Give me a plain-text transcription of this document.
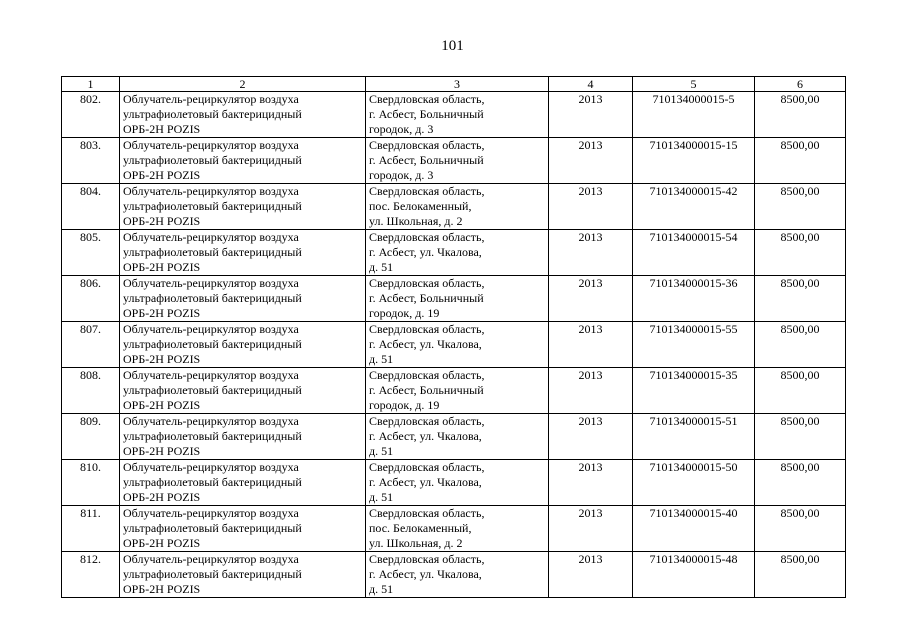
101
1	2	3	4	5	6
802.	Облучатель-рециркулятор воздуха
ультрафиолетовый бактерицидный
ОРБ-2Н POZIS	Свердловская область,
г. Асбест, Больничный
городок, д. 3	2013	710134000015-5	8500,00
803.	Облучатель-рециркулятор воздуха
ультрафиолетовый бактерицидный
ОРБ-2Н POZIS	Свердловская область,
г. Асбест, Больничный
городок, д. 3	2013	710134000015-15	8500,00
804.	Облучатель-рециркулятор воздуха
ультрафиолетовый бактерицидный
ОРБ-2Н POZIS	Свердловская область,
пос. Белокаменный,
ул. Школьная, д. 2	2013	710134000015-42	8500,00
805.	Облучатель-рециркулятор воздуха
ультрафиолетовый бактерицидный
ОРБ-2Н POZIS	Свердловская область,
г. Асбест, ул. Чкалова,
д. 51	2013	710134000015-54	8500,00
806.	Облучатель-рециркулятор воздуха
ультрафиолетовый бактерицидный
ОРБ-2Н POZIS	Свердловская область,
г. Асбест, Больничный
городок, д. 19	2013	710134000015-36	8500,00
807.	Облучатель-рециркулятор воздуха
ультрафиолетовый бактерицидный
ОРБ-2Н POZIS	Свердловская область,
г. Асбест, ул. Чкалова,
д. 51	2013	710134000015-55	8500,00
808.	Облучатель-рециркулятор воздуха
ультрафиолетовый бактерицидный
ОРБ-2Н POZIS	Свердловская область,
г. Асбест, Больничный
городок, д. 19	2013	710134000015-35	8500,00
809.	Облучатель-рециркулятор воздуха
ультрафиолетовый бактерицидный
ОРБ-2Н POZIS	Свердловская область,
г. Асбест, ул. Чкалова,
д. 51	2013	710134000015-51	8500,00
810.	Облучатель-рециркулятор воздуха
ультрафиолетовый бактерицидный
ОРБ-2Н POZIS	Свердловская область,
г. Асбест, ул. Чкалова,
д. 51	2013	710134000015-50	8500,00
811.	Облучатель-рециркулятор воздуха
ультрафиолетовый бактерицидный
ОРБ-2Н POZIS	Свердловская область,
пос. Белокаменный,
ул. Школьная, д. 2	2013	710134000015-40	8500,00
812.	Облучатель-рециркулятор воздуха
ультрафиолетовый бактерицидный
ОРБ-2Н POZIS	Свердловская область,
г. Асбест, ул. Чкалова,
д. 51	2013	710134000015-48	8500,00
